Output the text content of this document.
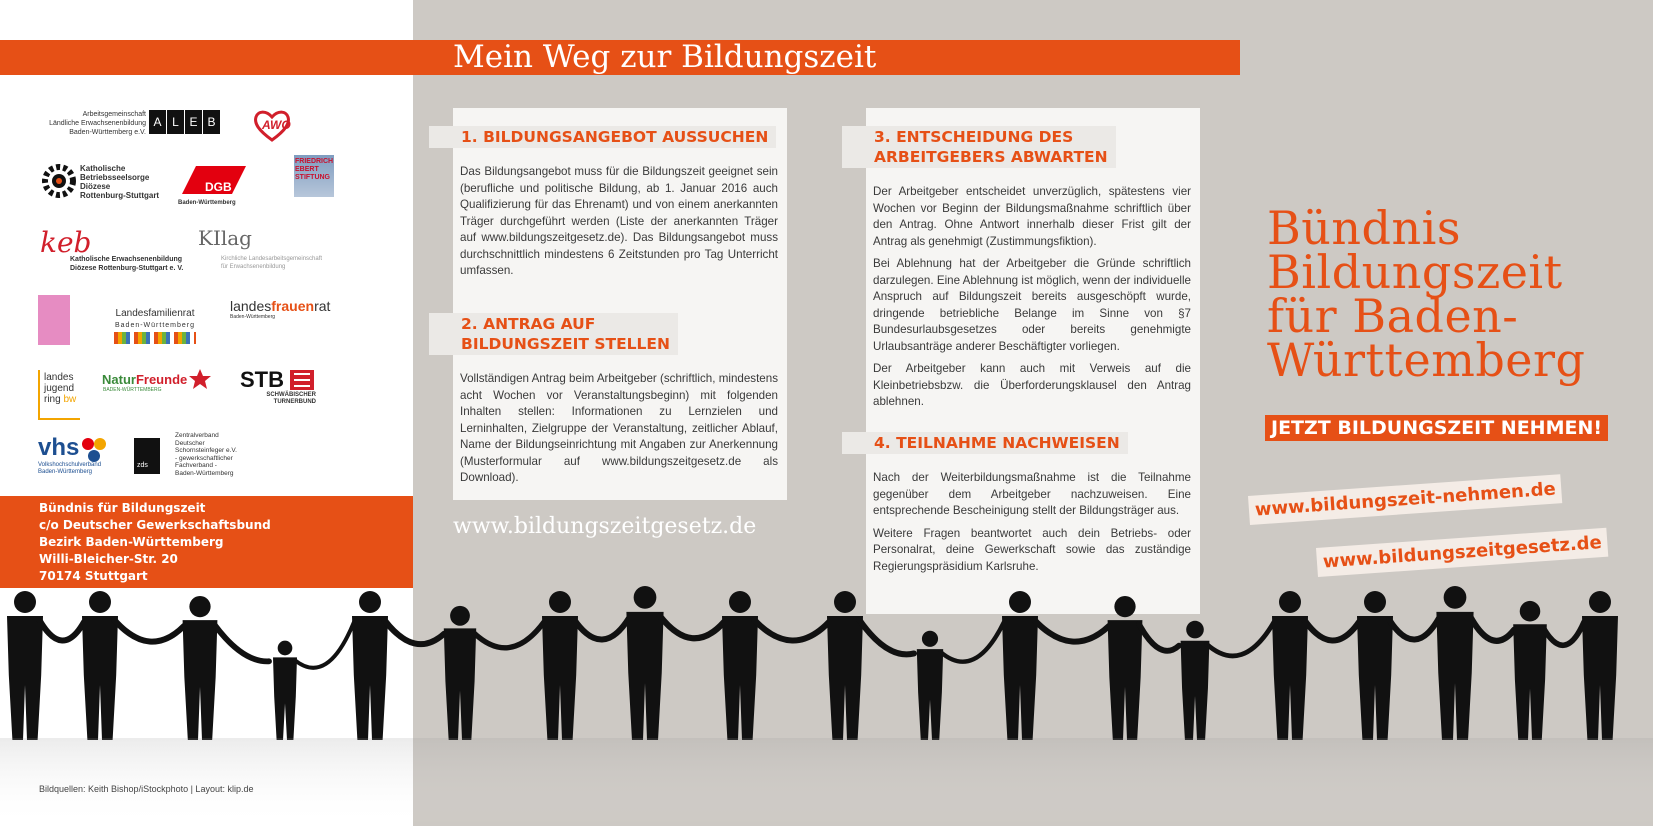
Mein Weg zur Bildungszeit
Arbeitsgemeinschaft
Ländliche Erwachsenenbildung
Baden-Württemberg e.V.
A L E B	AWO
Katholische
Betriebsseelsorge
Diözese
Rottenburg-Stuttgart
DGB
Baden-Württemberg
FRIEDRICH
EBERT
STIFTUNG
keb
Katholische Erwachsenenbildung
Diözese Rottenburg-Stuttgart e. V.
KIlag
Kirchliche Landesarbeitsgemeinschaft
für Erwachsenenbildung
Landesfamilienrat
Baden-Württemberg
landesfrauenrat
Baden-Württemberg
landes
jugend
ring bw
NaturFreunde
BADEN-WÜRTTEMBERG	STB
SCHWÄBISCHER
TURNERBUND
vhs
Volkshochschulverband
Baden-Württemberg
zds
Zentralverband
Deutscher
Schornsteinfeger e.V.
- gewerkschaftlicher
Fachverband -
Baden-Württemberg
Bündnis für Bildungszeit
c/o Deutscher Gewerkschaftsbund
Bezirk Baden-Württemberg
Willi-Bleicher-Str. 20
70174 Stuttgart
1. BILDUNGSANGEBOT AUSSUCHEN

Das Bildungsangebot muss für die Bildungszeit geeignet sein (berufliche und politische Bildung, ab 1. Januar 2016 auch Qualifizierung für das Ehrenamt) und von einem anerkannten Träger durchgeführt werden (Liste der anerkannten Träger auf www.bildungszeitgesetz.de). Das Bildungsangebot muss durchschnittlich mindestens 6 Zeitstunden pro Tag Unterricht umfassen.

2. ANTRAG AUF
BILDUNGSZEIT STELLEN

Vollständigen Antrag beim Arbeitgeber (schriftlich, mindestens acht Wochen vor Veranstaltungsbeginn) mit folgenden Inhalten stellen: Informationen zu Lernzielen und Lerninhalten, Zielgruppe der Veranstaltung, zeitlicher Ablauf, Name der Bildungseinrichtung mit Angaben zur Anerkennung (Musterformular auf www.bildungszeitgesetz.de als Download).

www.bildungszeitgesetz.de
3. ENTSCHEIDUNG DES
ARBEITGEBERS ABWARTEN

Der Arbeitgeber entscheidet unverzüglich, spätestens vier Wochen vor Beginn der Bildungsmaßnahme schriftlich über den Antrag. Ohne Antwort innerhalb dieser Frist gilt der Antrag als genehmigt (Zustimmungsfiktion).

Bei Ablehnung hat der Arbeitgeber die Gründe schriftlich darzulegen. Eine Ablehnung ist möglich, wenn der individuelle Anspruch auf Bildungszeit bereits ausgeschöpft wurde, dringende betriebliche Belange im Sinne von §7 Bundesurlaubsgesetzes oder bereits genehmigte Urlaubsanträge anderer Beschäftigter vorliegen.

Der Arbeitgeber kann auch mit Verweis auf die Kleinbetriebsbzw. die Überforderungsklausel den Antrag ablehnen.

4. TEILNAHME NACHWEISEN

Nach der Weiterbildungsmaßnahme ist die Teilnahme gegenüber dem Arbeitgeber nachzuweisen. Eine entsprechende Bescheinigung stellt der Bildungsträger aus.

Weitere Fragen beantwortet auch dein Betriebs- oder Personalrat, deine Gewerkschaft sowie das zuständige Regierungspräsidium Karlsruhe.

Bündnis
Bildungszeit
für Baden-
Württemberg
JETZT BILDUNGSZEIT NEHMEN!
www.bildungszeit-nehmen.de
www.bildungszeitgesetz.de
Bildquellen: Keith Bishop/iStockphoto | Layout: klip.de
